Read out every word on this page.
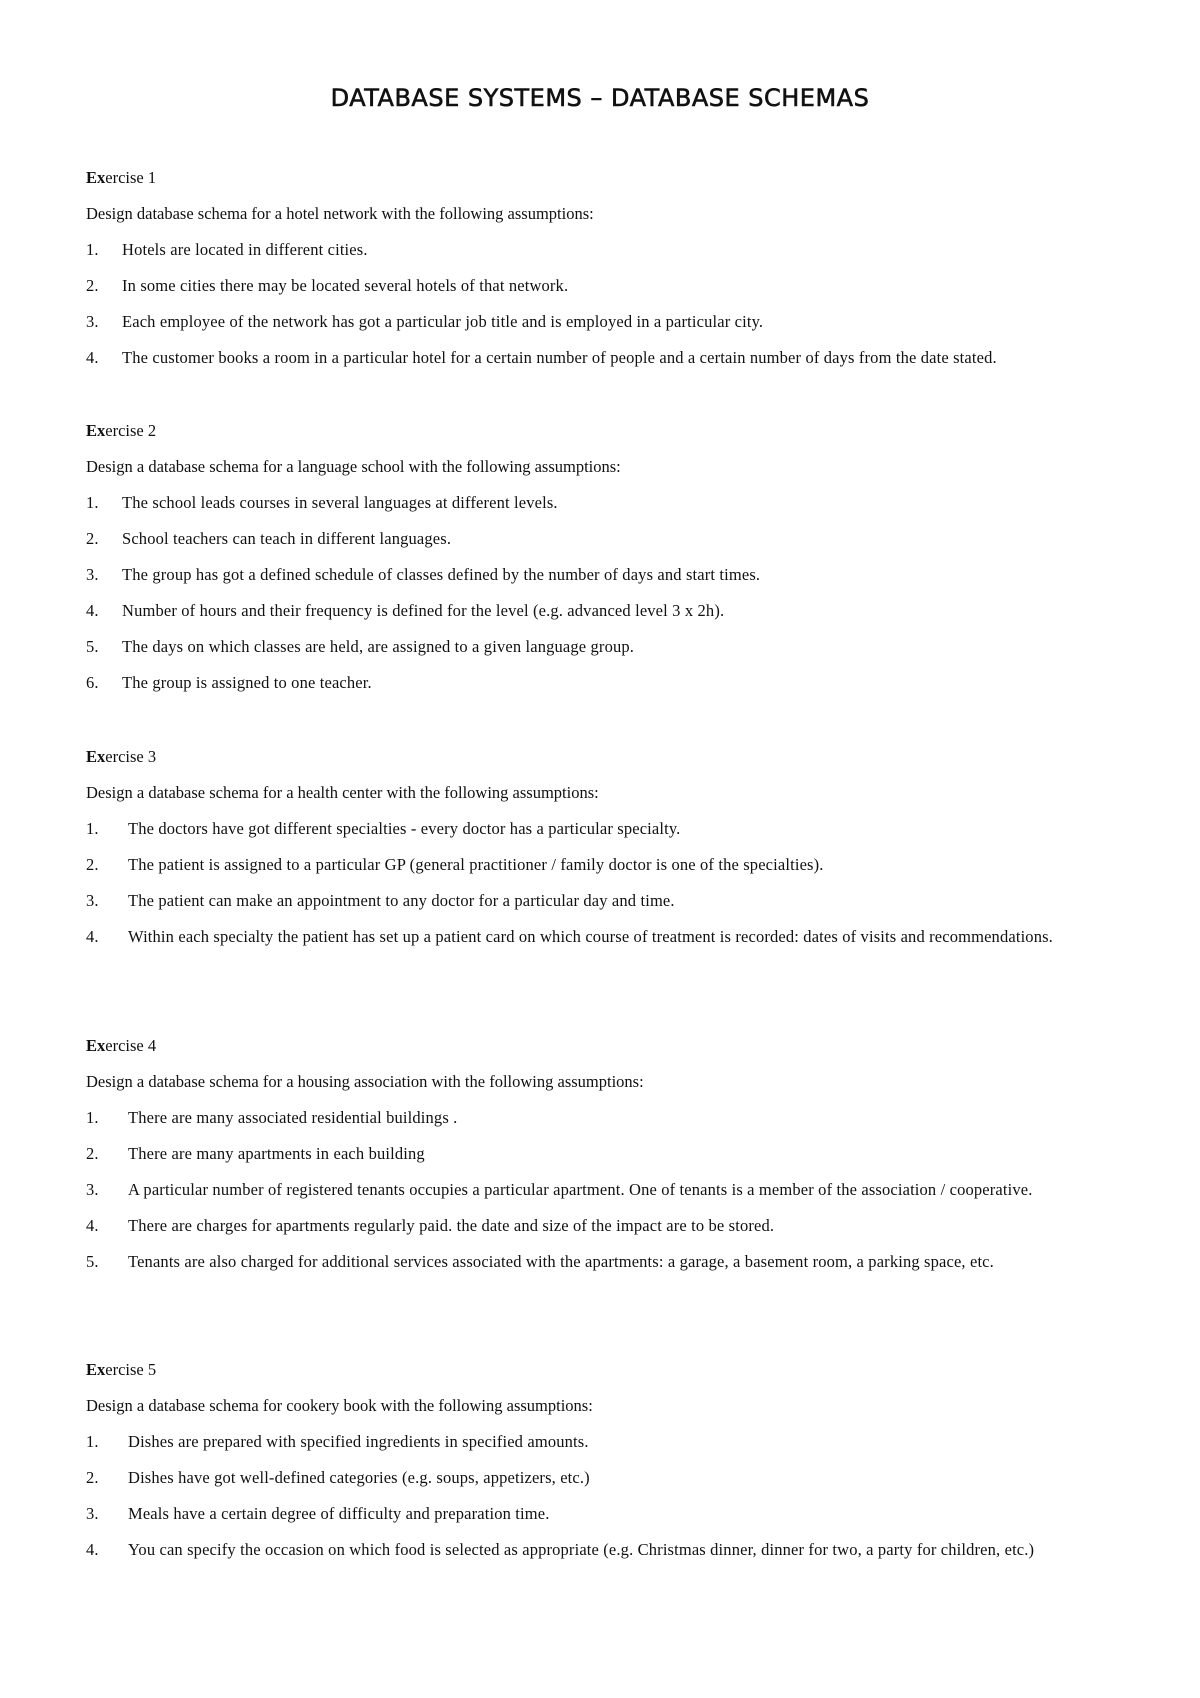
DATABASE SYSTEMS – DATABASE SCHEMAS

Exercise 1

Design database schema for a hotel network with the following assumptions:

1. Hotels are located in different cities.
2. In some cities there may be located several hotels of that network.
3. Each employee of the network has got a particular job title and is employed in a particular city.
4. The customer books a room in a particular hotel for a certain number of people and a certain number of days from the date stated.

Exercise 2

Design a database schema for a language school with the following assumptions:

1. The school leads courses in several languages at different levels.
2. School teachers can teach in different languages.
3. The group has got a defined schedule of classes defined by the number of days and start times.
4. Number of hours and their frequency is defined for the level (e.g. advanced level 3 x 2h).
5. The days on which classes are held, are assigned to a given language group.
6. The group is assigned to one teacher.

Exercise 3

Design a database schema for a health center with the following assumptions:

1. The doctors have got different specialties - every doctor has a particular specialty.
2. The patient is assigned to a particular GP (general practitioner / family doctor is one of the specialties).
3. The patient can make an appointment to any doctor for a particular day and time.
4. Within each specialty the patient has set up a patient card on which course of treatment is recorded: dates of visits and recommendations.

Exercise 4

Design a database schema for a housing association with the following assumptions:

1. There are many associated residential buildings .
2. There are many apartments in each building
3. A particular number of registered tenants occupies a particular apartment. One of tenants is a member of the association / cooperative.
4. There are charges for apartments regularly paid. the date and size of the impact are to be stored.
5. Tenants are also charged for additional services associated with the apartments: a garage, a basement room, a parking space, etc.

Exercise 5

Design a database schema for cookery book with the following assumptions:

1. Dishes are prepared with specified ingredients in specified amounts.
2. Dishes have got well-defined categories (e.g. soups, appetizers, etc.)
3. Meals have a certain degree of difficulty and preparation time.
4. You can specify the occasion on which food is selected as appropriate (e.g. Christmas dinner, dinner for two, a party for children, etc.)
